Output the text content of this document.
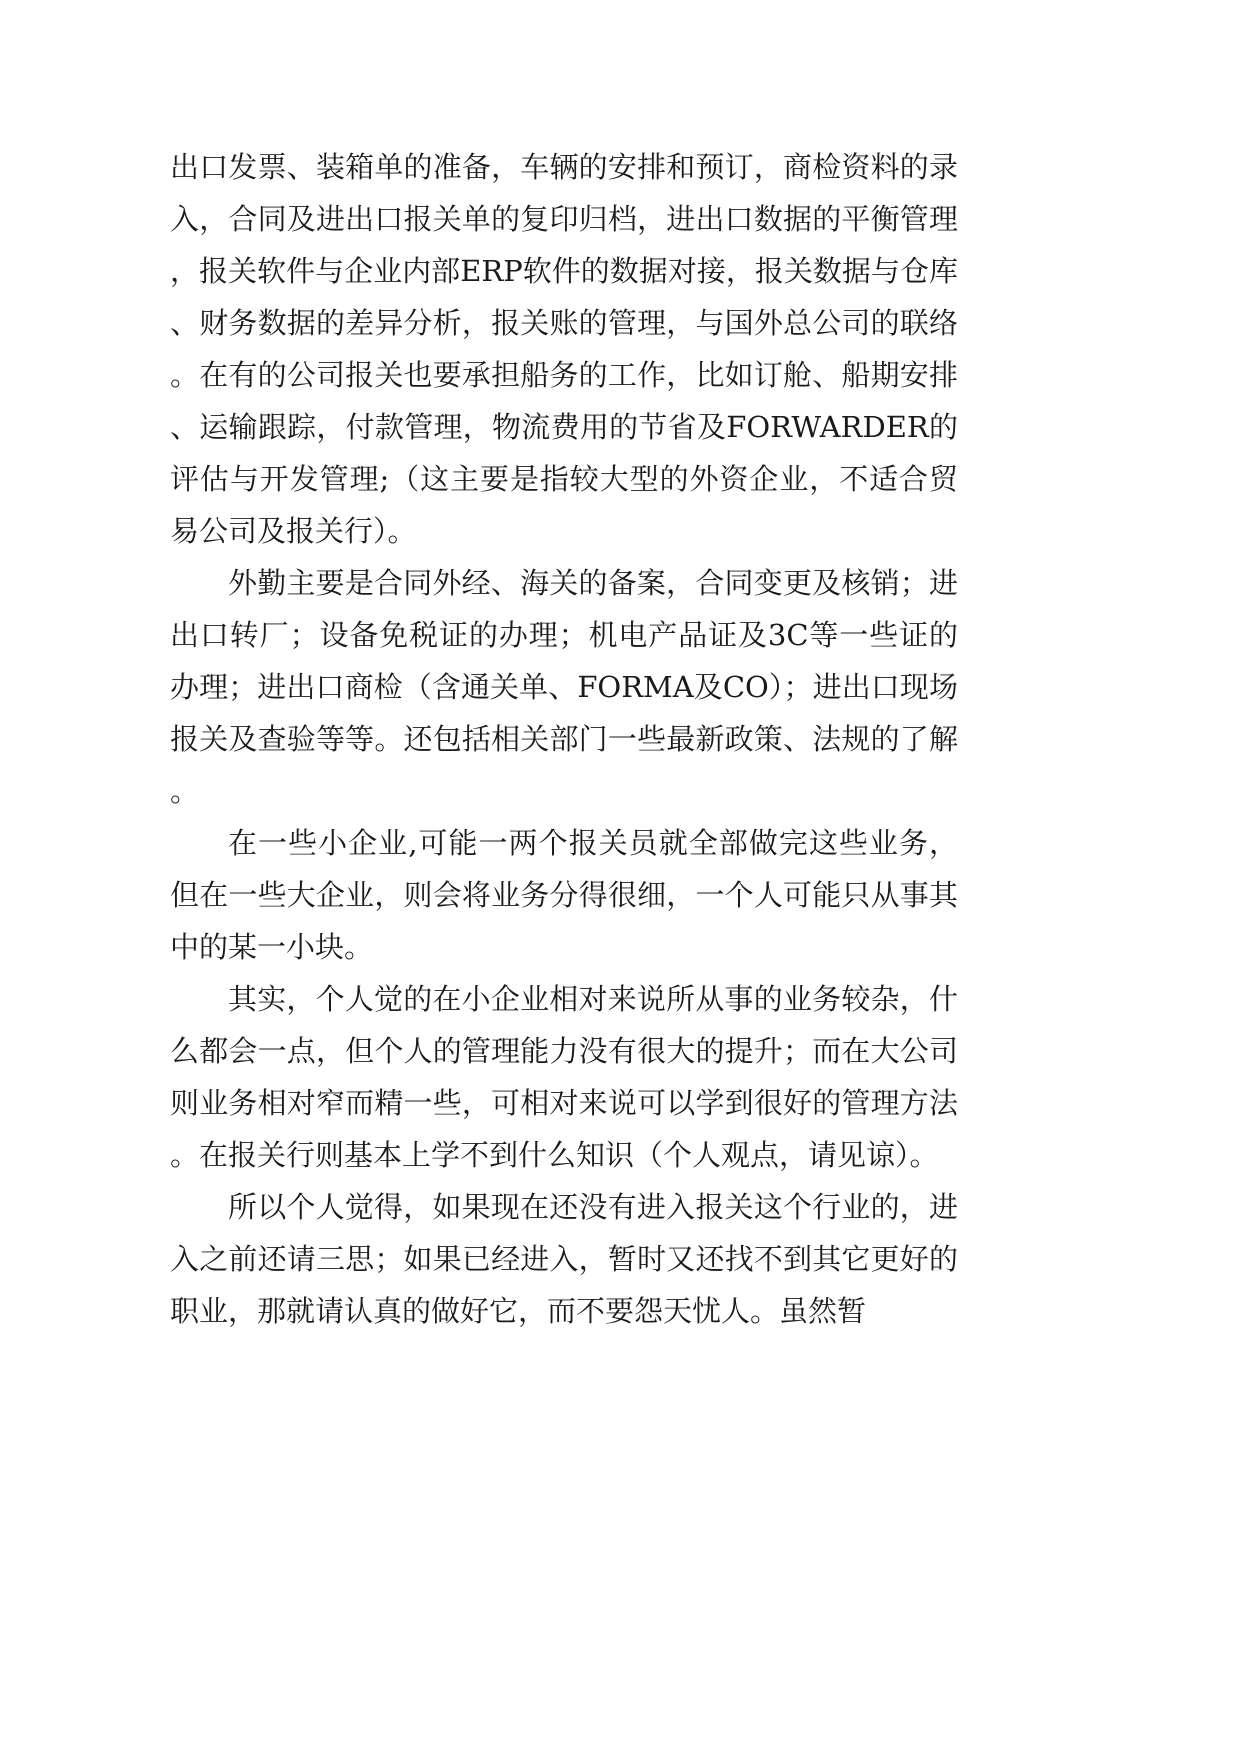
出口发票、装箱单的准备，车辆的安排和预订，商检资料的录入，合同及进出口报关单的复印归档，进出口数据的平衡管理，报关软件与企业内部ERP软件的数据对接，报关数据与仓库、财务数据的差异分析，报关账的管理，与国外总公司的联络。在有的公司报关也要承担船务的工作，比如订舱、船期安排、运输跟踪，付款管理，物流费用的节省及FORWARDER的评估与开发管理;（这主要是指较大型的外资企业，不适合贸易公司及报关行）。

外勤主要是合同外经、海关的备案，合同变更及核销；进出口转厂；设备免税证的办理；机电产品证及3C等一些证的办理；进出口商检（含通关单、FORMA及CO）；进出口现场报关及查验等等。还包括相关部门一些最新政策、法规的了解。

在一些小企业,可能一两个报关员就全部做完这些业务，但在一些大企业，则会将业务分得很细，一个人可能只从事其中的某一小块。

其实，个人觉的在小企业相对来说所从事的业务较杂，什么都会一点，但个人的管理能力没有很大的提升；而在大公司则业务相对窄而精一些，可相对来说可以学到很好的管理方法。在报关行则基本上学不到什么知识（个人观点，请见谅）。

所以个人觉得，如果现在还没有进入报关这个行业的，进入之前还请三思；如果已经进入，暂时又还找不到其它更好的职业，那就请认真的做好它，而不要怨天忧人。虽然暂
